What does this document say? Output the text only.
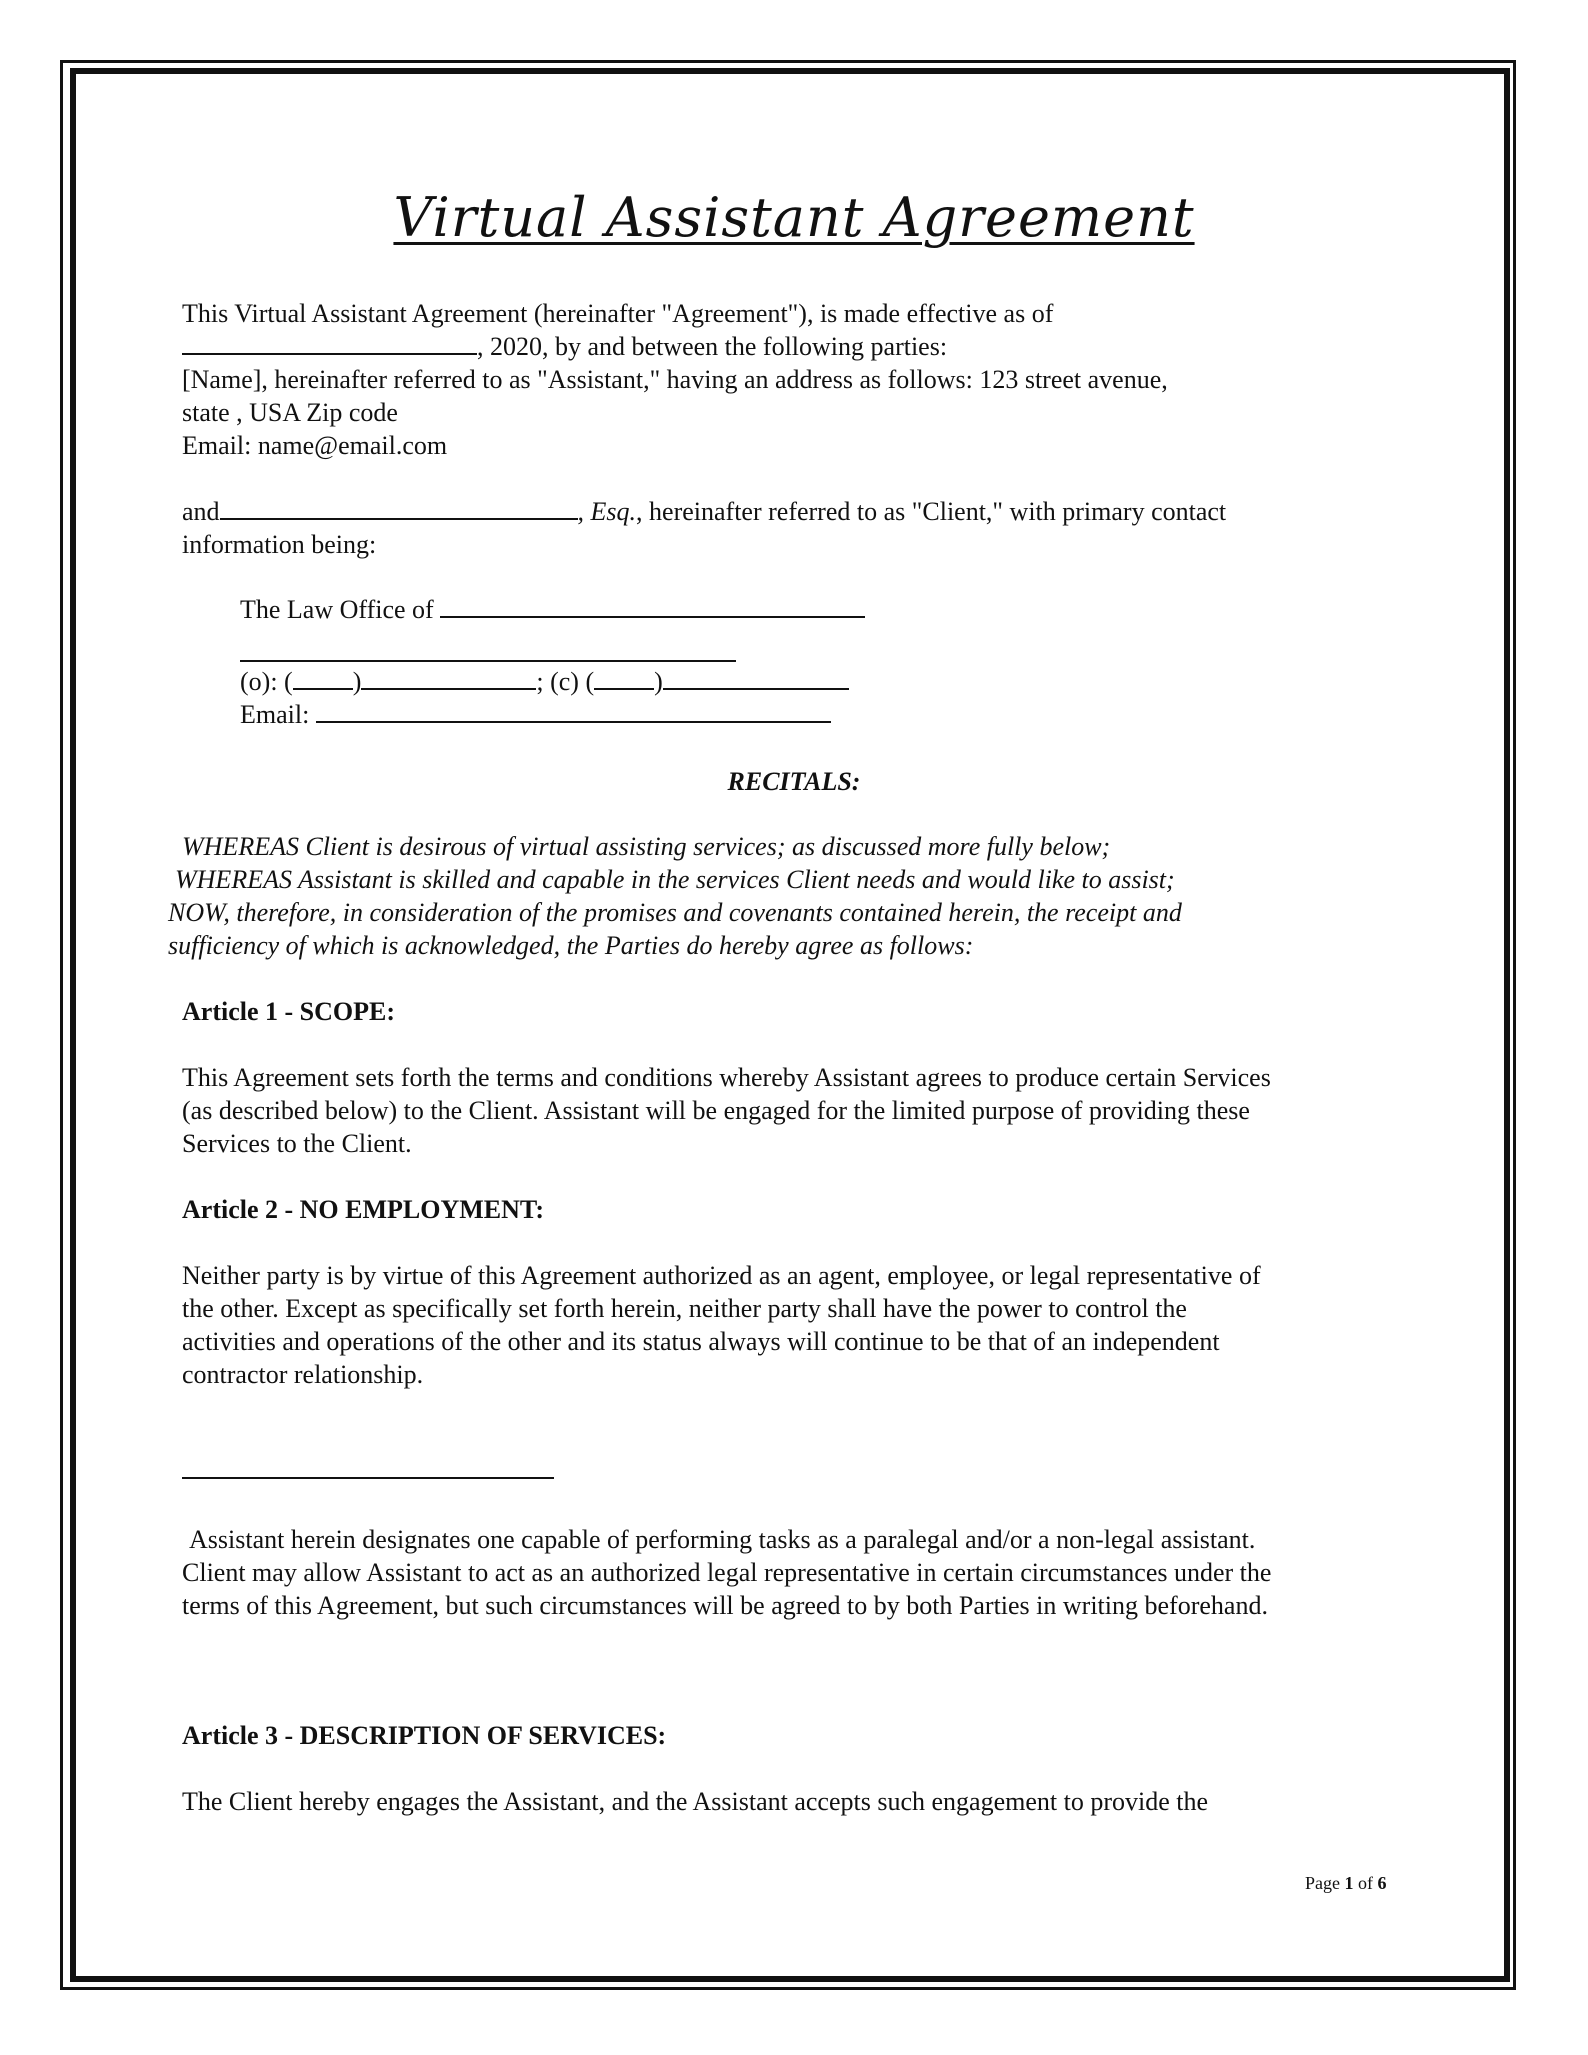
Virtual Assistant Agreement
This Virtual Assistant Agreement (hereinafter "Agreement"), is made effective as of
, 2020, by and between the following parties:
[Name], hereinafter referred to as "Assistant," having an address as follows: 123 street avenue,
state , USA Zip code
Email: name@email.com
and	, Esq., hereinafter referred to as "Client," with primary contact
information being:
The Law Office of
(o): ( )	; (c) ( )
Email:
RECITALS:
WHEREAS Client is desirous of virtual assisting services; as discussed more fully below;
WHEREAS Assistant is skilled and capable in the services Client needs and would like to assist;
NOW, therefore, in consideration of the promises and covenants contained herein, the receipt and
sufficiency of which is acknowledged, the Parties do hereby agree as follows:
Article 1 - SCOPE:
This Agreement sets forth the terms and conditions whereby Assistant agrees to produce certain Services
(as described below) to the Client. Assistant will be engaged for the limited purpose of providing these
Services to the Client.
Article 2 - NO EMPLOYMENT:
Neither party is by virtue of this Agreement authorized as an agent, employee, or legal representative of
the other. Except as specifically set forth herein, neither party shall have the power to control the
activities and operations of the other and its status always will continue to be that of an independent
contractor relationship.
Assistant herein designates one capable of performing tasks as a paralegal and/or a non-legal assistant.
Client may allow Assistant to act as an authorized legal representative in certain circumstances under the
terms of this Agreement, but such circumstances will be agreed to by both Parties in writing beforehand.
Article 3 - DESCRIPTION OF SERVICES:
The Client hereby engages the Assistant, and the Assistant accepts such engagement to provide the
Page 1 of 6
